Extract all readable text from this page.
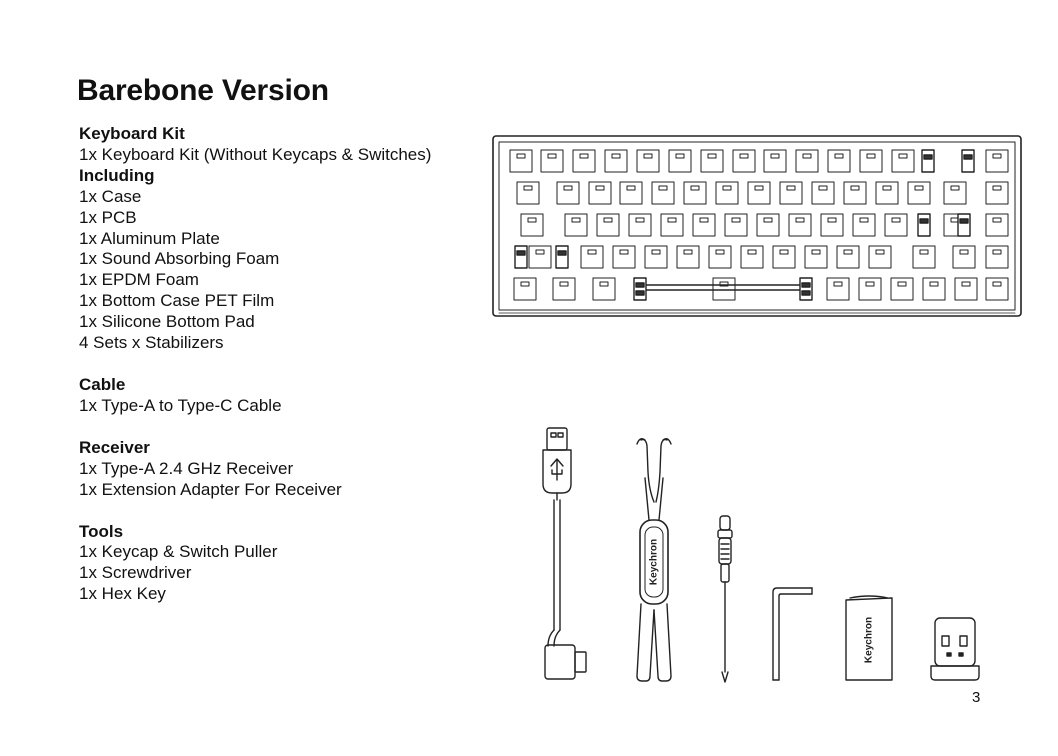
Barebone Version
Keyboard Kit
1x Keyboard Kit (Without Keycaps & Switches)
Including
1x Case
1x PCB
1x Aluminum Plate
1x Sound Absorbing Foam
1x EPDM Foam
1x Bottom Case PET Film
1x Silicone Bottom Pad
4 Sets x Stabilizers
Cable
1x Type-A to Type-C Cable
Receiver
1x Type-A 2.4 GHz Receiver
1x Extension Adapter For Receiver
Tools
1x Keycap & Switch Puller
1x Screwdriver
1x Hex Key
Keychron
Keychron
3
